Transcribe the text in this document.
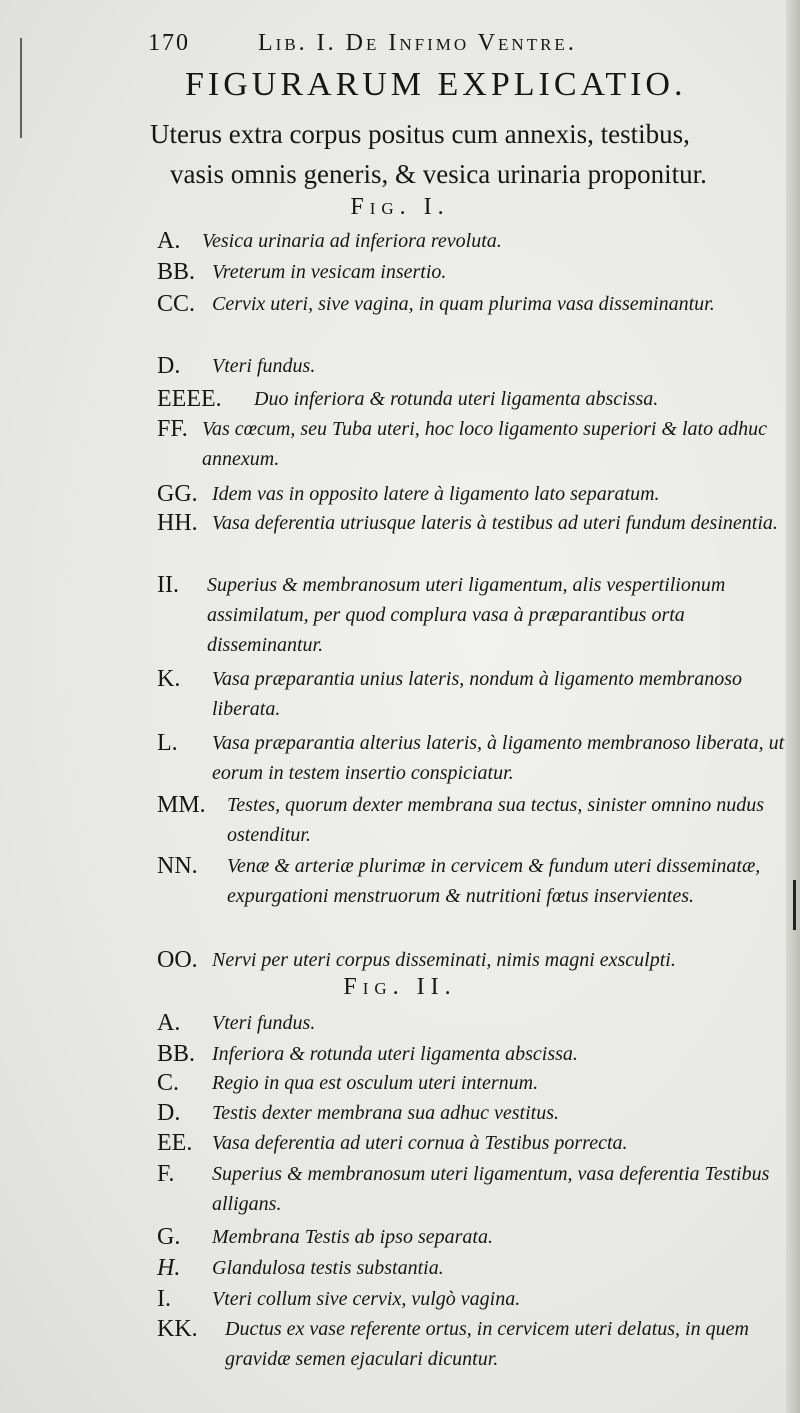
170	Lib. I. De Infimo Ventre.
FIGURARUM EXPLICATIO.
Uterus extra corpus positus cum annexis, testibus,
vasis omnis generis, & vesica urinaria proponitur.
Fig. I.
A. Vesica urinaria ad inferiora revoluta.
BB. Vreterum in vesicam insertio.
CC. Cervix uteri, sive vagina, in quam plurima vasa disseminantur.
D. Vteri fundus.
EEEE. Duo inferiora & rotunda uteri ligamenta abscissa.
FF. Vas cœcum, seu Tuba uteri, hoc loco ligamento superiori & lato adhuc annexum.
GG. Idem vas in opposito latere à ligamento lato separatum.
HH. Vasa deferentia utriusque lateris à testibus ad uteri fundum desinentia.
II. Superius & membranosum uteri ligamentum, alis vespertilionum assimilatum, per quod complura vasa à præparantibus orta disseminantur.
K. Vasa præparantia unius lateris, nondum à ligamento membranoso liberata.
L. Vasa præparantia alterius lateris, à ligamento membranoso liberata, ut eorum in testem insertio conspiciatur.
MM. Testes, quorum dexter membrana sua tectus, sinister omnino nudus ostenditur.
NN. Venæ & arteriæ plurimæ in cervicem & fundum uteri disseminatæ, expurgationi menstruorum & nutritioni fœtus inservientes.
OO. Nervi per uteri corpus disseminati, nimis magni exsculpti.
Fig. II.
A. Vteri fundus.
BB. Inferiora & rotunda uteri ligamenta abscissa.
C. Regio in qua est osculum uteri internum.
D. Testis dexter membrana sua adhuc vestitus.
EE. Vasa deferentia ad uteri cornua à Testibus porrecta.
F. Superius & membranosum uteri ligamentum, vasa deferentia Testibus alligans.
G. Membrana Testis ab ipso separata.
H. Glandulosa testis substantia.
I. Vteri collum sive cervix, vulgò vagina.
KK. Ductus ex vase referente ortus, in cervicem uteri delatus, in quem gravidæ semen ejaculari dicuntur.
